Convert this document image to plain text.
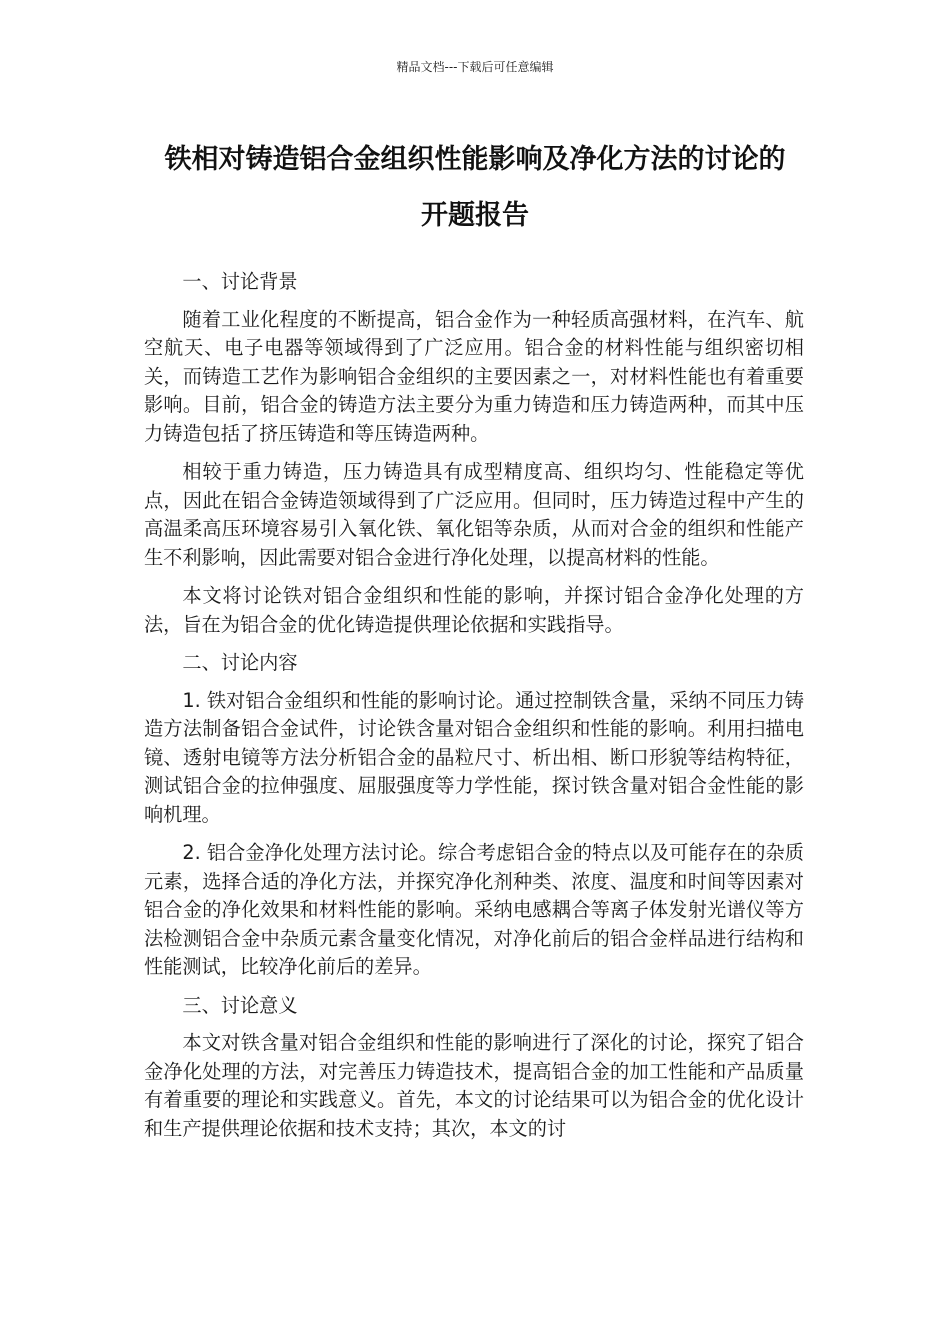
精品文档---下载后可任意编辑
铁相对铸造铝合金组织性能影响及净化方法的讨论的
开题报告
一、讨论背景

随着工业化程度的不断提高，铝合金作为一种轻质高强材料，在汽车、航空航天、电子电器等领域得到了广泛应用。铝合金的材料性能与组织密切相关，而铸造工艺作为影响铝合金组织的主要因素之一，对材料性能也有着重要影响。目前，铝合金的铸造方法主要分为重力铸造和压力铸造两种，而其中压力铸造包括了挤压铸造和等压铸造两种。

相较于重力铸造，压力铸造具有成型精度高、组织均匀、性能稳定等优点，因此在铝合金铸造领域得到了广泛应用。但同时，压力铸造过程中产生的高温柔高压环境容易引入氧化铁、氧化铝等杂质，从而对合金的组织和性能产生不利影响，因此需要对铝合金进行净化处理，以提高材料的性能。

本文将讨论铁对铝合金组织和性能的影响，并探讨铝合金净化处理的方法，旨在为铝合金的优化铸造提供理论依据和实践指导。

二、讨论内容

1. 铁对铝合金组织和性能的影响讨论。通过控制铁含量，采纳不同压力铸造方法制备铝合金试件，讨论铁含量对铝合金组织和性能的影响。利用扫描电镜、透射电镜等方法分析铝合金的晶粒尺寸、析出相、断口形貌等结构特征，测试铝合金的拉伸强度、屈服强度等力学性能，探讨铁含量对铝合金性能的影响机理。

2. 铝合金净化处理方法讨论。综合考虑铝合金的特点以及可能存在的杂质元素，选择合适的净化方法，并探究净化剂种类、浓度、温度和时间等因素对铝合金的净化效果和材料性能的影响。采纳电感耦合等离子体发射光谱仪等方法检测铝合金中杂质元素含量变化情况，对净化前后的铝合金样品进行结构和性能测试，比较净化前后的差异。

三、讨论意义

本文对铁含量对铝合金组织和性能的影响进行了深化的讨论，探究了铝合金净化处理的方法，对完善压力铸造技术，提高铝合金的加工性能和产品质量有着重要的理论和实践意义。首先，本文的讨论结果可以为铝合金的优化设计和生产提供理论依据和技术支持；其次，本文的讨
